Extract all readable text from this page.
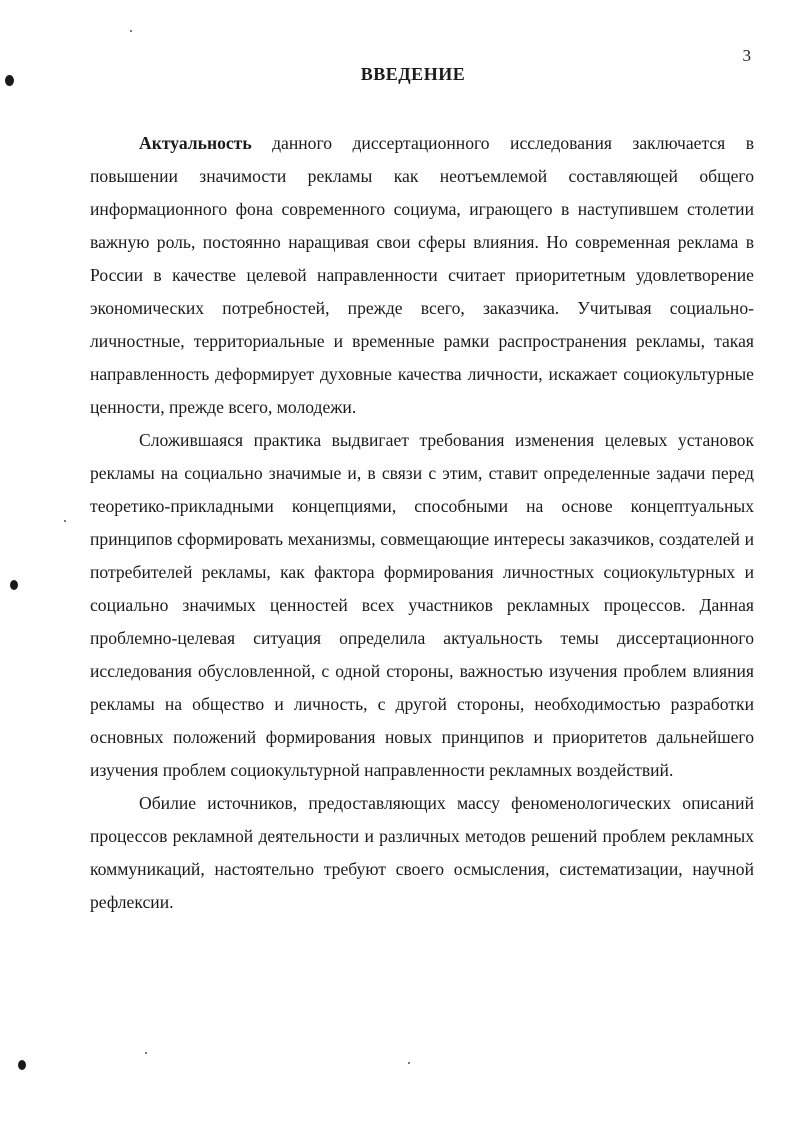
3
ВВЕДЕНИЕ

Актуальность данного диссертационного исследования заключается в повышении значимости рекламы как неотъемлемой составляющей общего информационного фона современного социума, играющего в наступившем столетии важную роль, постоянно наращивая свои сферы влияния. Но современная реклама в России в качестве целевой направленности считает приоритетным удовлетворение экономических потребностей, прежде всего, заказчика. Учитывая социально-личностные, территориальные и временные рамки распространения рекламы, такая направленность деформирует духовные качества личности, искажает социокультурные ценности, прежде всего, молодежи.

Сложившаяся практика выдвигает требования изменения целевых установок рекламы на социально значимые и, в связи с этим, ставит определенные задачи перед теоретико-прикладными концепциями, способными на основе концептуальных принципов сформировать механизмы, совмещающие интересы заказчиков, создателей и потребителей рекламы, как фактора формирования личностных социокультурных и социально значимых ценностей всех участников рекламных процессов. Данная проблемно-целевая ситуация определила актуальность темы диссертационного исследования обусловленной, с одной стороны, важностью изучения проблем влияния рекламы на общество и личность, с другой стороны, необходимостью разработки основных положений формирования новых принципов и приоритетов дальнейшего изучения проблем социокультурной направленности рекламных воздействий.

Обилие источников, предоставляющих массу феноменологических описаний процессов рекламной деятельности и различных методов решений проблем рекламных коммуникаций, настоятельно требуют своего осмысления, систематизации, научной рефлексии.
